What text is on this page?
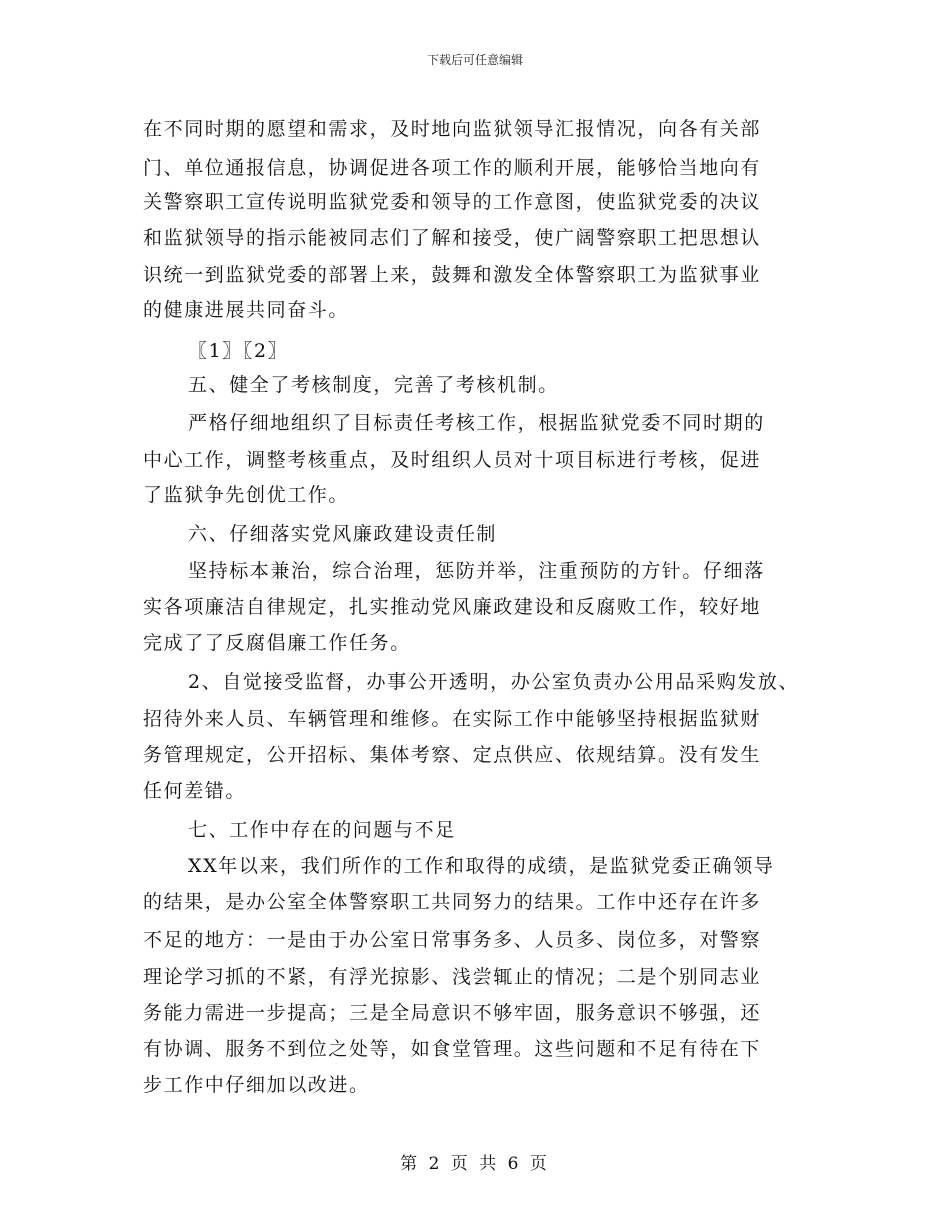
下载后可任意编辑
在不同时期的愿望和需求，及时地向监狱领导汇报情况，向各有关部
门、单位通报信息，协调促进各项工作的顺利开展，能够恰当地向有
关警察职工宣传说明监狱党委和领导的工作意图，使监狱党委的决议
和监狱领导的指示能被同志们了解和接受，使广阔警察职工把思想认
识统一到监狱党委的部署上来，鼓舞和激发全体警察职工为监狱事业
的健康进展共同奋斗。
〖1〗〖2〗
五、健全了考核制度，完善了考核机制。
严格仔细地组织了目标责任考核工作，根据监狱党委不同时期的
中心工作，调整考核重点，及时组织人员对十项目标进行考核，促进
了监狱争先创优工作。
六、仔细落实党风廉政建设责任制
坚持标本兼治，综合治理，惩防并举，注重预防的方针。仔细落
实各项廉洁自律规定，扎实推动党风廉政建设和反腐败工作，较好地
完成了了反腐倡廉工作任务。
2、自觉接受监督，办事公开透明，办公室负责办公用品采购发放、
招待外来人员、车辆管理和维修。在实际工作中能够坚持根据监狱财
务管理规定，公开招标、集体考察、定点供应、依规结算。没有发生
任何差错。
七、工作中存在的问题与不足
XX年以来，我们所作的工作和取得的成绩，是监狱党委正确领导
的结果，是办公室全体警察职工共同努力的结果。工作中还存在许多
不足的地方：一是由于办公室日常事务多、人员多、岗位多，对警察
理论学习抓的不紧，有浮光掠影、浅尝辄止的情况；二是个别同志业
务能力需进一步提高；三是全局意识不够牢固，服务意识不够强，还
有协调、服务不到位之处等，如食堂管理。这些问题和不足有待在下
步工作中仔细加以改进。
第 2 页 共 6 页
